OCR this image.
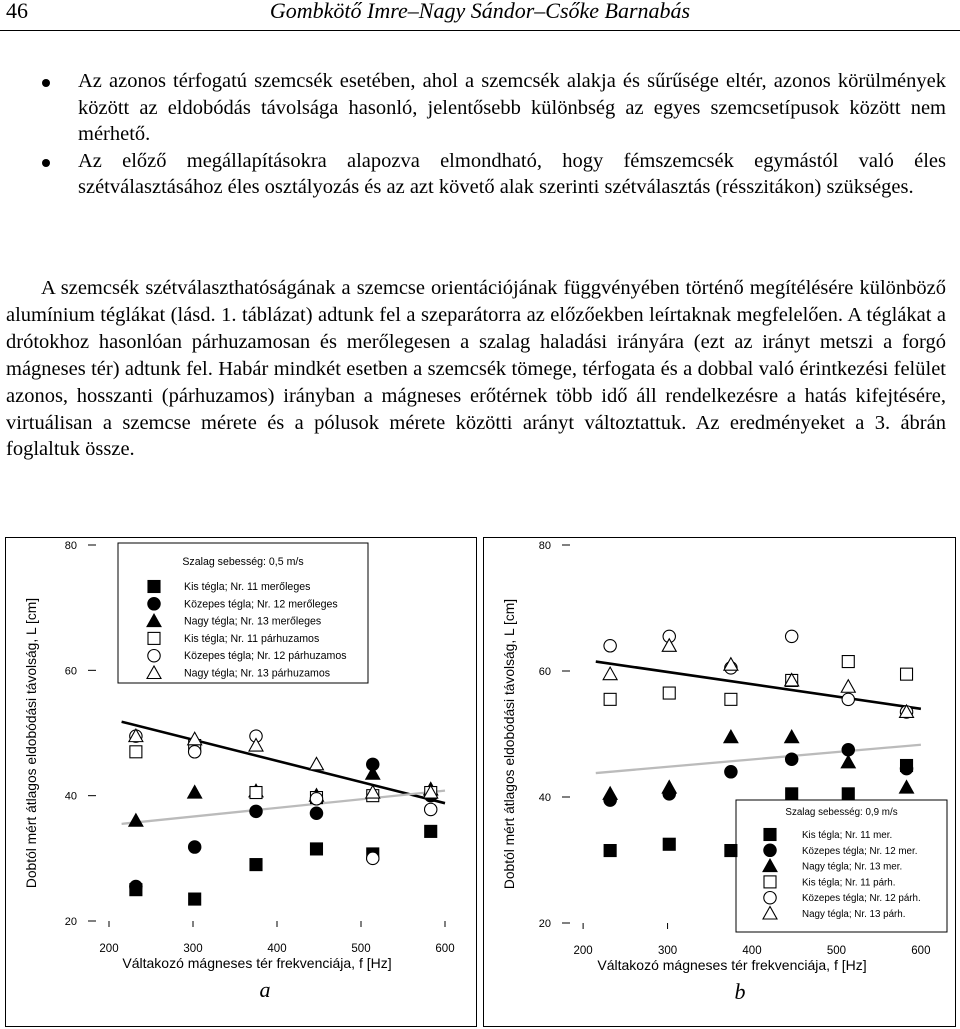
46	Gombkötő Imre–Nagy Sándor–Csőke Barnabás
Az azonos térfogatú szemcsék esetében, ahol a szemcsék alakja és sűrűsége eltér, azonos körülmények között az eldobódás távolsága hasonló, jelentősebb különbség az egyes szemcsetípusok között nem mérhető.
Az előző megállapításokra alapozva elmondható, hogy fémszemcsék egymástól való éles szétválasztásához éles osztályozás és az azt követő alak szerinti szétválasztás (résszitákon) szükséges.

A szemcsék szétválaszthatóságának a szemcse orientációjának függvényében történő megítélésére különböző alumínium téglákat (lásd. 1. táblázat) adtunk fel a szeparátorra az előzőekben leírtaknak megfelelően. A téglákat a drótokhoz hasonlóan párhuzamosan és merőlegesen a szalag haladási irányára (ezt az irányt metszi a forgó mágneses tér) adtunk fel. Habár mindkét esetben a szemcsék tömege, térfogata és a dobbal való érintkezési felület azonos, hosszanti (párhuzamos) irányban a mágneses erőtérnek több idő áll rendelkezésre a hatás kifejtésére, virtuálisan a szemcse mérete és a pólusok mérete közötti arányt változtattuk. Az eredményeket a 3. ábrán foglaltuk össze.

20
40
60
80
200	300	400	500	600
Váltakozó mágneses tér frekvenciája, f [Hz]
Dobtól mért átlagos eldobódási távolság, L [cm]
a
Szalag sebesség: 0,5 m/s
Kis tégla; Nr. 11 merőleges
Közepes tégla; Nr. 12 merőleges
Nagy tégla; Nr. 13 merőleges
Kis tégla; Nr. 11 párhuzamos
Közepes tégla; Nr. 12 párhuzamos
Nagy tégla; Nr. 13 párhuzamos
20
40
60
80
200	300	400	500	600
Váltakozó mágneses tér frekvenciája, f [Hz]
Dobtól mért átlagos eldobódási távolság, L [cm]
b
Szalag sebesség: 0,9 m/s
Kis tégla; Nr. 11 mer.
Közepes tégla; Nr. 12 mer.
Nagy tégla; Nr. 13 mer.
Kis tégla; Nr. 11 párh.
Közepes tégla; Nr. 12 párh.
Nagy tégla; Nr. 13 párh.
